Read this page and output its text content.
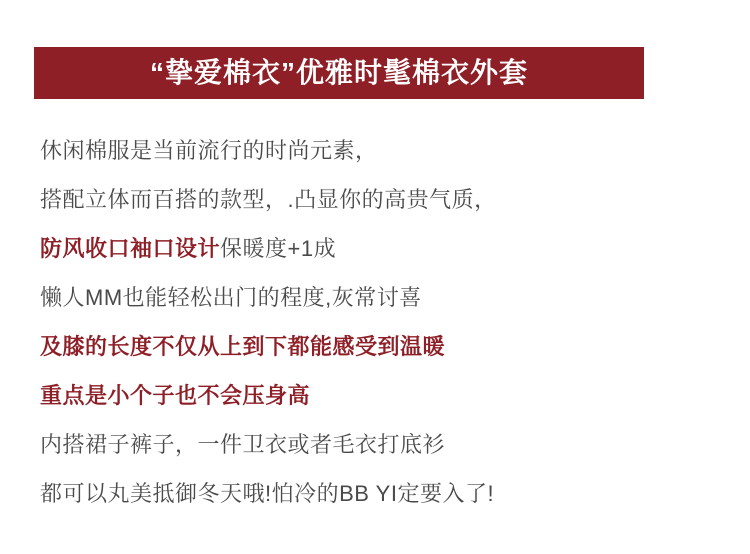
“挚爱棉衣”优雅时髦棉衣外套
休闲棉服是当前流行的时尚元素，
搭配立体而百搭的款型，.凸显你的高贵气质，
防风收口袖口设计保暖度+1成
懒人MM也能轻松出门的程度,灰常讨喜
及膝的长度不仅从上到下都能感受到温暖
重点是小个子也不会压身高
内搭裙子裤子，一件卫衣或者毛衣打底衫
都可以丸美抵御冬天哦!怕冷的BB YI定要入了!
